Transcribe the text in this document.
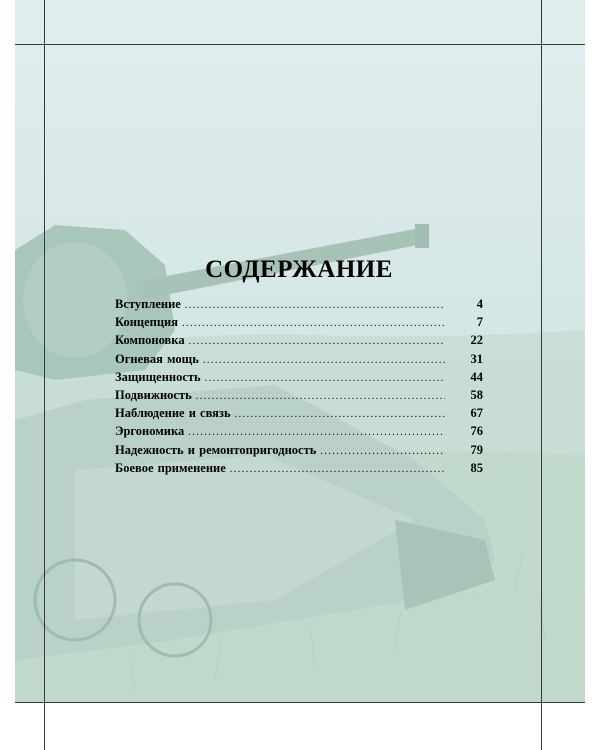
СОДЕРЖАНИЕ
Вступление .....	4
Концепция .....	7
Компоновка .....	22
Огневая мощь .....	31
Защищенность .....	44
Подвижность .....	58
Наблюдение и связь .....	67
Эргономика .....	76
Надежность и ремонтопригодность .....	79
Боевое применение .....	85
